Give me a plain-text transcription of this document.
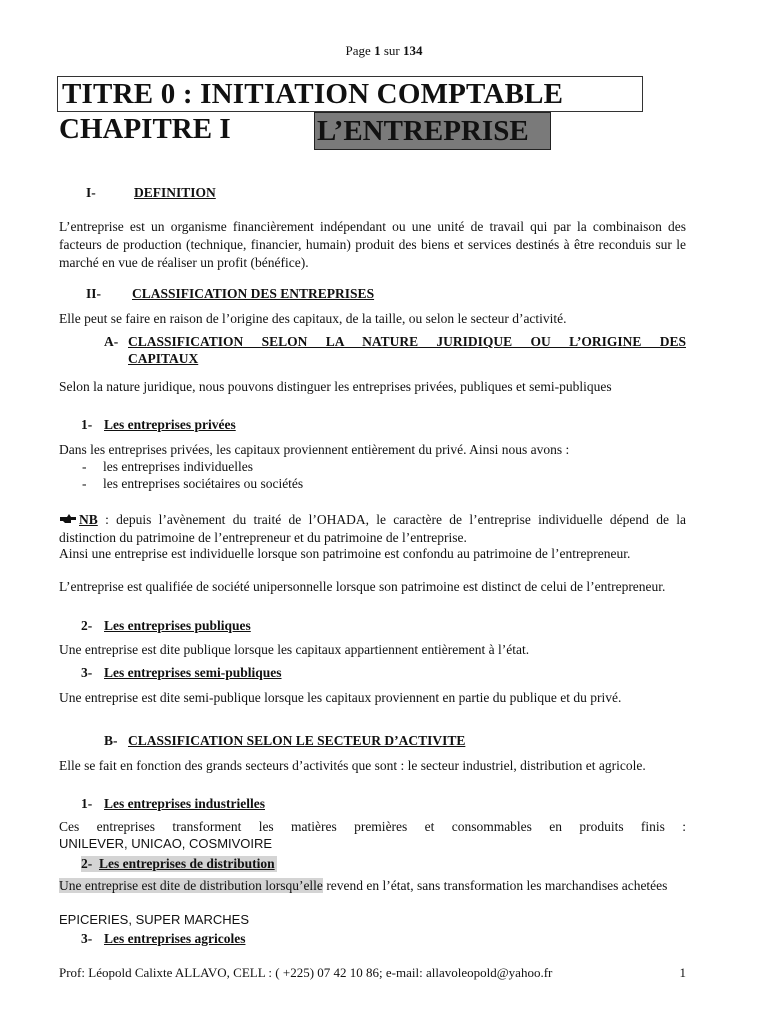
Page 1 sur 134
TITRE 0 : INITIATION COMPTABLE
CHAPITRE I	L’ENTREPRISE
I-	DEFINITION
L’entreprise est un organisme financièrement indépendant ou une unité de travail qui par la combinaison des facteurs de production (technique, financier, humain) produit des biens et services destinés à être reconduis sur le marché en vue de réaliser un profit (bénéfice).
II- CLASSIFICATION DES ENTREPRISES
Elle peut se faire en raison de l’origine des capitaux, de la taille, ou selon le secteur d’activité.
A- CLASSIFICATION SELON LA NATURE JURIDIQUE OU L’ORIGINE DES
CAPITAUX
Selon la nature juridique, nous pouvons distinguer les entreprises privées, publiques et semi-publiques
1- Les entreprises privées
Dans les entreprises privées, les capitaux proviennent entièrement du privé. Ainsi nous avons :
- les entreprises individuelles
- les entreprises sociétaires ou sociétés
NB : depuis l’avènement du traité de l’OHADA, le caractère de l’entreprise individuelle dépend de la distinction du patrimoine de l’entrepreneur et du patrimoine de l’entreprise.
Ainsi une entreprise est individuelle lorsque son patrimoine est confondu au patrimoine de l’entrepreneur.
L’entreprise est qualifiée de société unipersonnelle lorsque son patrimoine est distinct de celui de l’entrepreneur.
2- Les entreprises publiques
Une entreprise est dite publique lorsque les capitaux appartiennent entièrement à l’état.
3- Les entreprises semi-publiques
Une entreprise est dite semi-publique lorsque les capitaux proviennent en partie du publique et du privé.
B- CLASSIFICATION SELON LE SECTEUR D’ACTIVITE
Elle se fait en fonction des grands secteurs d’activités que sont : le secteur industriel, distribution et agricole.
1- Les entreprises industrielles
Ces entreprises transforment les matières premières et consommables en produits finis :
UNILEVER, UNICAO, COSMIVOIRE
2- Les entreprises de distribution
Une entreprise est dite de distribution lorsqu’elle revend en l’état, sans transformation les marchandises achetées
EPICERIES, SUPER MARCHES
3- Les entreprises agricoles
Prof: Léopold Calixte ALLAVO, CELL : ( +225) 07 42 10 86; e-mail: allavoleopold@yahoo.fr	1
